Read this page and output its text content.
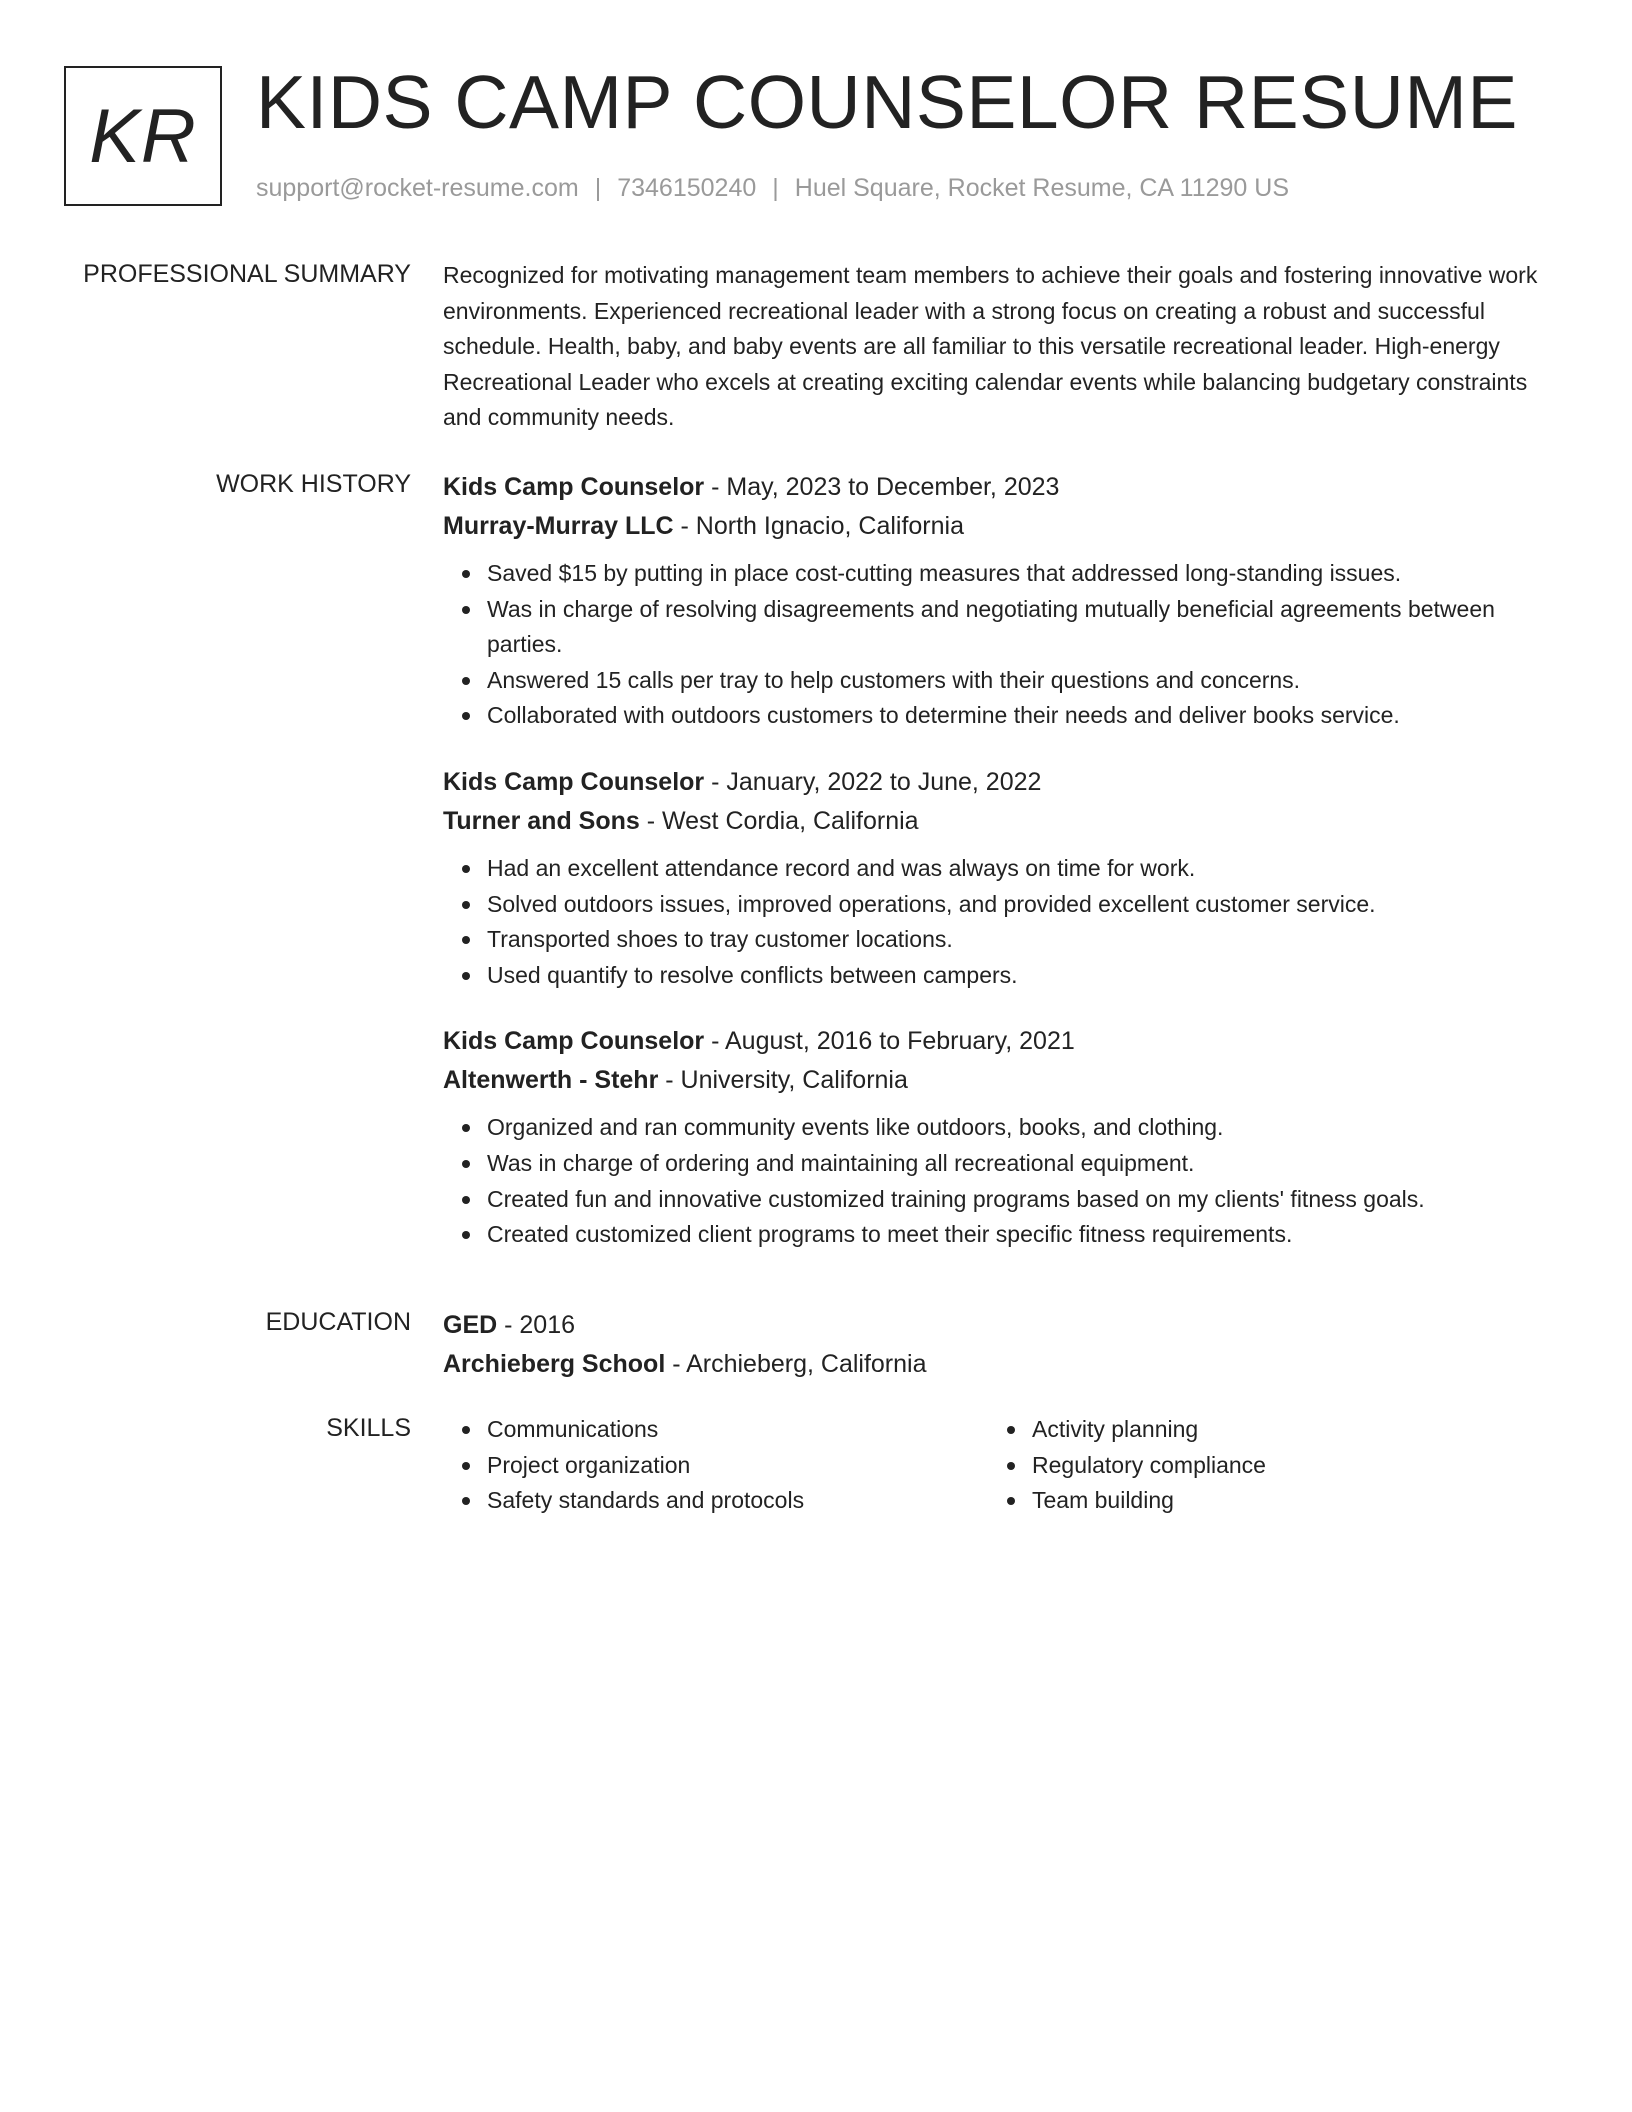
KR KIDS CAMP COUNSELOR RESUME
support@rocket-resume.com | 7346150240 | Huel Square, Rocket Resume, CA 11290 US
PROFESSIONAL SUMMARY Recognized for motivating management team members to achieve their goals and fostering innovative work environments. Experienced recreational leader with a strong focus on creating a robust and successful schedule. Health, baby, and baby events are all familiar to this versatile recreational leader. High-energy Recreational Leader who excels at creating exciting calendar events while balancing budgetary constraints and community needs.

WORK HISTORY Kids Camp Counselor - May, 2023 to December, 2023
Murray-Murray LLC - North Ignacio, California
Saved $15 by putting in place cost-cutting measures that addressed long-standing issues.
Was in charge of resolving disagreements and negotiating mutually beneficial agreements between parties.
Answered 15 calls per tray to help customers with their questions and concerns.
Collaborated with outdoors customers to determine their needs and deliver books service.
Kids Camp Counselor - January, 2022 to June, 2022
Turner and Sons - West Cordia, California
Had an excellent attendance record and was always on time for work.
Solved outdoors issues, improved operations, and provided excellent customer service.
Transported shoes to tray customer locations.
Used quantify to resolve conflicts between campers.
Kids Camp Counselor - August, 2016 to February, 2021
Altenwerth - Stehr - University, California
Organized and ran community events like outdoors, books, and clothing.
Was in charge of ordering and maintaining all recreational equipment.
Created fun and innovative customized training programs based on my clients' fitness goals.
Created customized client programs to meet their specific fitness requirements.
EDUCATION GED - 2016
Archieberg School - Archieberg, California
SKILLS	Communications
Project organization
Safety standards and protocols
Activity planning
Regulatory compliance
Team building
